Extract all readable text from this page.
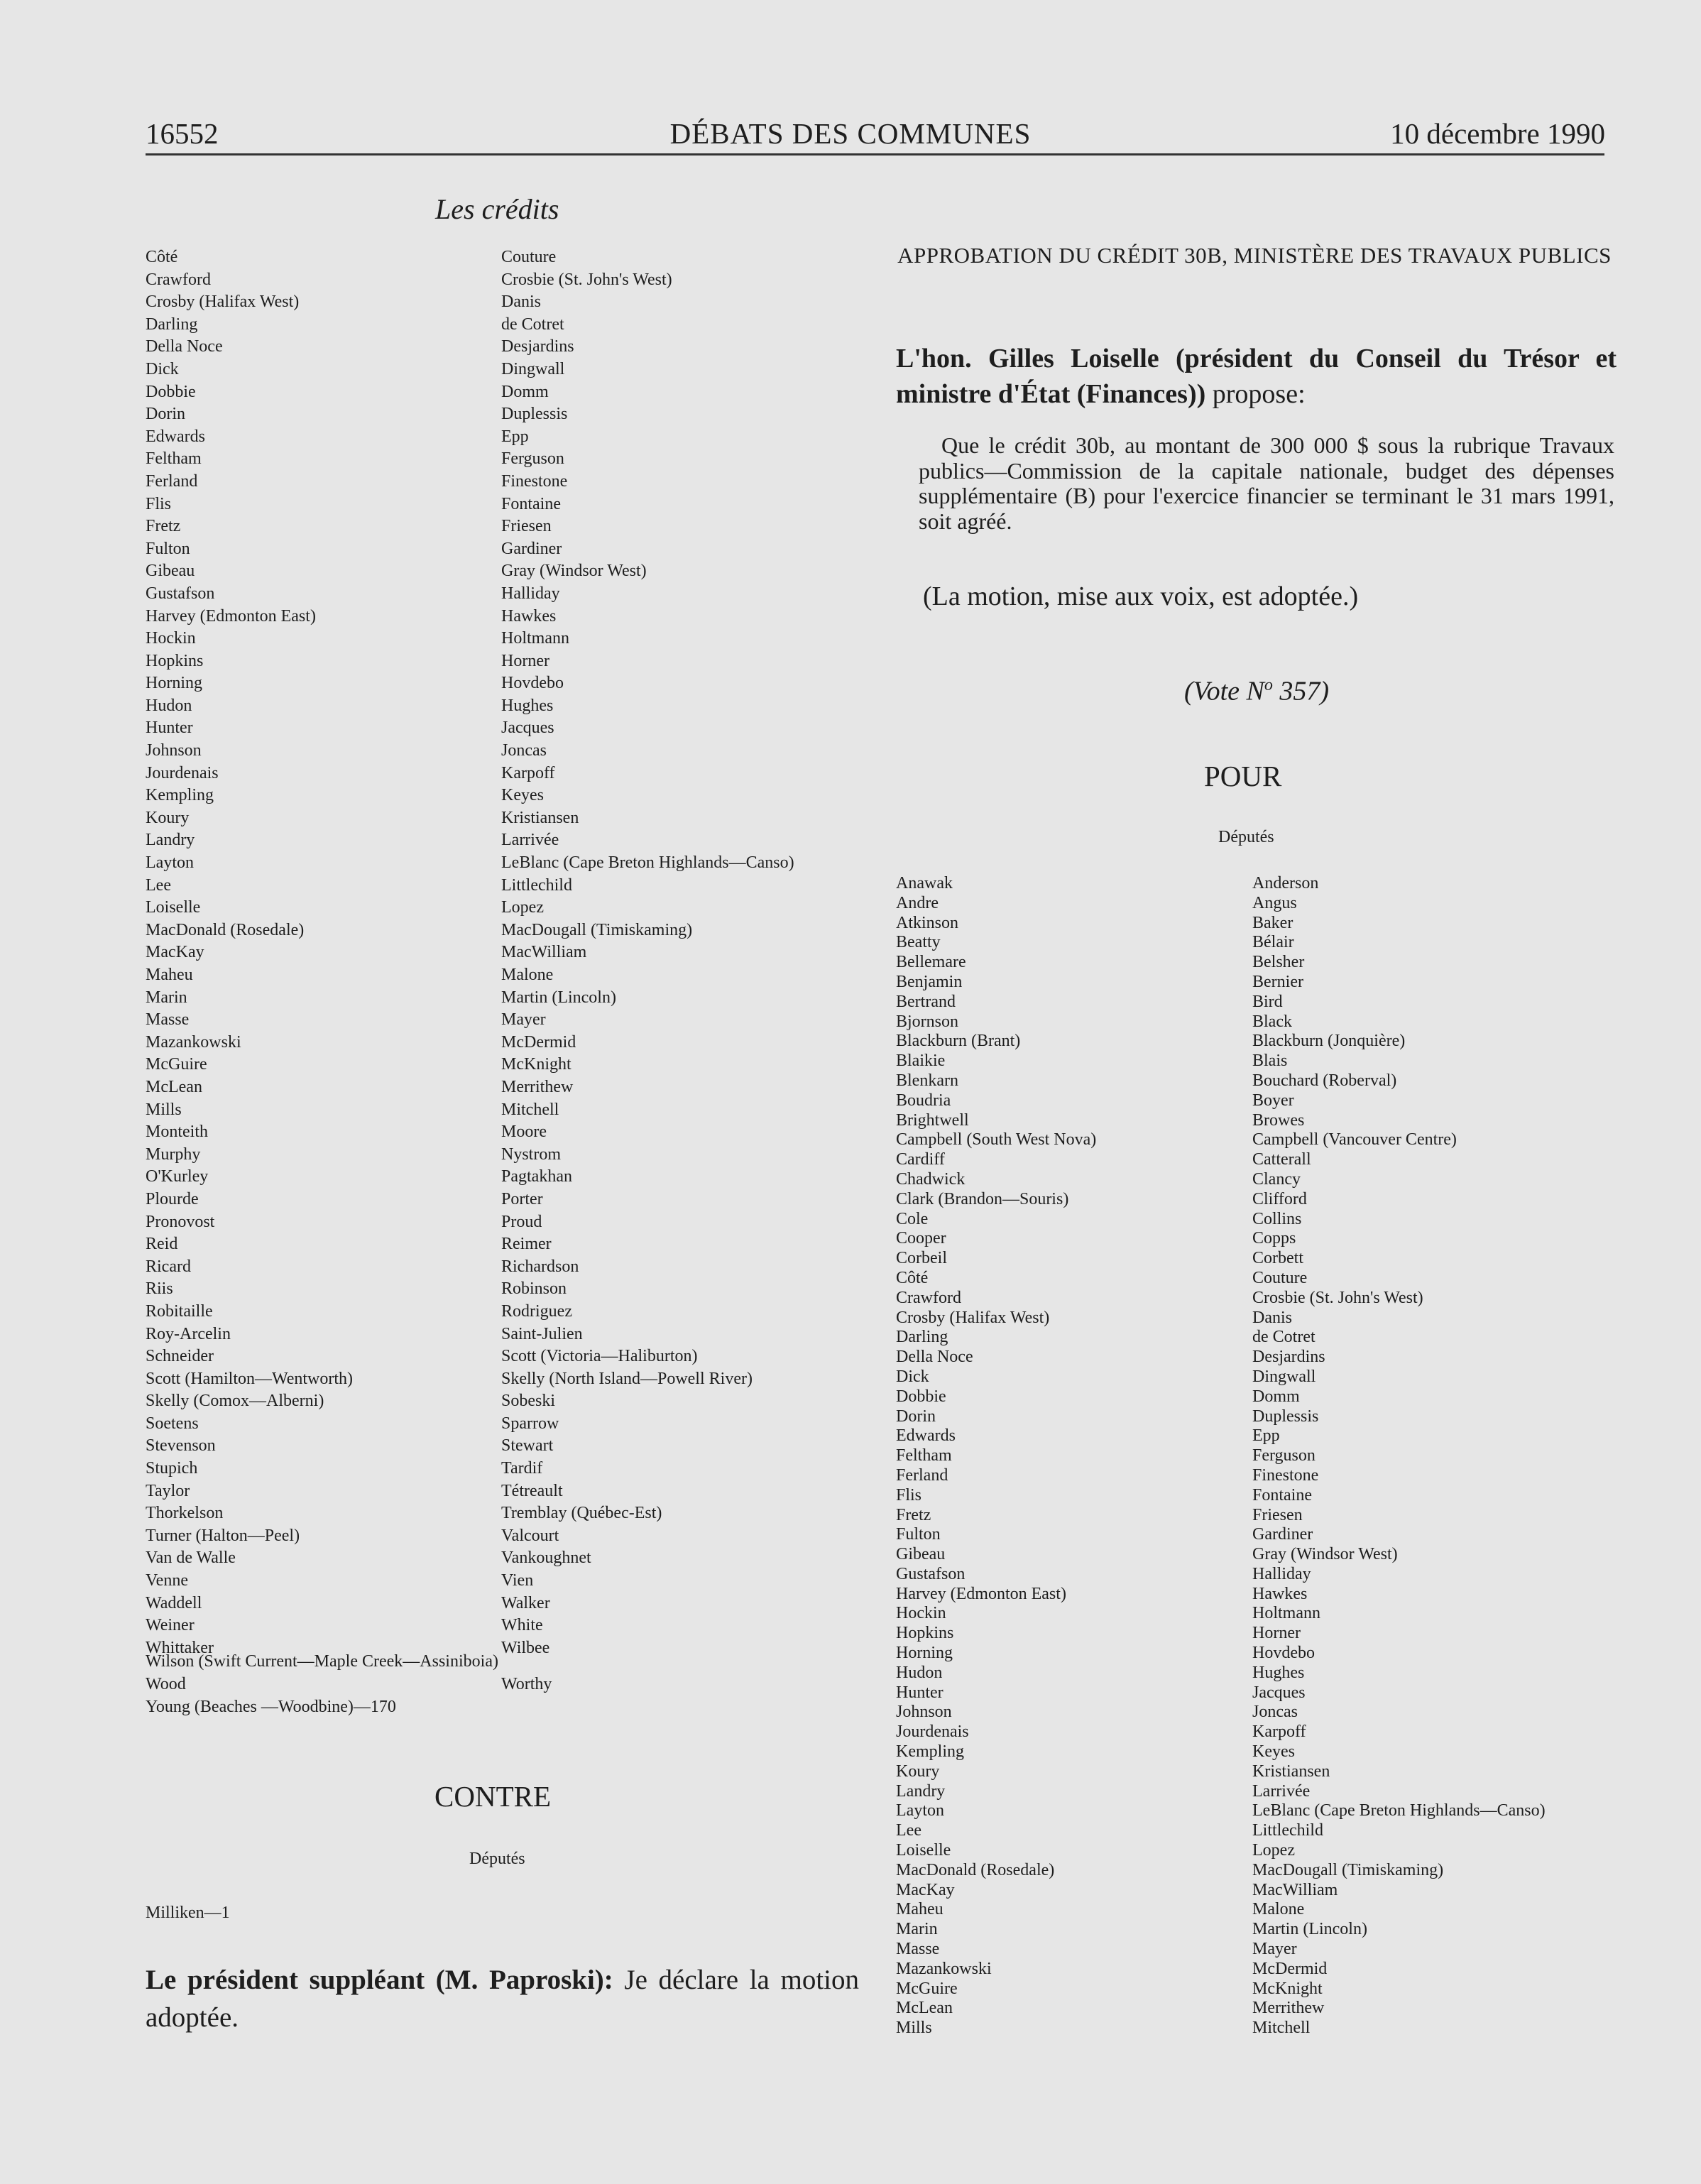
16552	DÉBATS DES COMMUNES	10 décembre 1990
Les crédits
Côté
Crawford
Crosby (Halifax West)
Darling
Della Noce
Dick
Dobbie
Dorin
Edwards
Feltham
Ferland
Flis
Fretz
Fulton
Gibeau
Gustafson
Harvey (Edmonton East)
Hockin
Hopkins
Horning
Hudon
Hunter
Johnson
Jourdenais
Kempling
Koury
Landry
Layton
Lee
Loiselle
MacDonald (Rosedale)
MacKay
Maheu
Marin
Masse
Mazankowski
McGuire
McLean
Mills
Monteith
Murphy
O'Kurley
Plourde
Pronovost
Reid
Ricard
Riis
Robitaille
Roy-Arcelin
Schneider
Scott (Hamilton—Wentworth)
Skelly (Comox—Alberni)
Soetens
Stevenson
Stupich
Taylor
Thorkelson
Turner (Halton—Peel)
Van de Walle
Venne
Waddell
Weiner
Whittaker
Couture
Crosbie (St. John's West)
Danis
de Cotret
Desjardins
Dingwall
Domm
Duplessis
Epp
Ferguson
Finestone
Fontaine
Friesen
Gardiner
Gray (Windsor West)
Halliday
Hawkes
Holtmann
Horner
Hovdebo
Hughes
Jacques
Joncas
Karpoff
Keyes
Kristiansen
Larrivée
LeBlanc (Cape Breton Highlands—Canso)
Littlechild
Lopez
MacDougall (Timiskaming)
MacWilliam
Malone
Martin (Lincoln)
Mayer
McDermid
McKnight
Merrithew
Mitchell
Moore
Nystrom
Pagtakhan
Porter
Proud
Reimer
Richardson
Robinson
Rodriguez
Saint-Julien
Scott (Victoria—Haliburton)
Skelly (North Island—Powell River)
Sobeski
Sparrow
Stewart
Tardif
Tétreault
Tremblay (Québec-Est)
Valcourt
Vankoughnet
Vien
Walker
White
Wilbee
Wilson (Swift Current—Maple Creek—Assiniboia)
Wood	Worthy
Young (Beaches —Woodbine)—170
CONTRE
Députés
Milliken—1

Le président suppléant (M. Paproski): Je déclare la motion adoptée.

APPROBATION DU CRÉDIT 30B, MINISTÈRE DES TRAVAUX PUBLICS

L'hon. Gilles Loiselle (président du Conseil du Trésor et ministre d'État (Finances)) propose:

Que le crédit 30b, au montant de 300 000 $ sous la rubrique Travaux publics—Commission de la capitale nationale, budget des dépenses supplémentaire (B) pour l'exercice financier se terminant le 31 mars 1991, soit agréé.

(La motion, mise aux voix, est adoptée.)
(Vote $N^o$ 357)
POUR
Députés
Anawak
Andre
Atkinson
Beatty
Bellemare
Benjamin
Bertrand
Bjornson
Blackburn (Brant)
Blaikie
Blenkarn
Boudria
Brightwell
Campbell (South West Nova)
Cardiff
Chadwick
Clark (Brandon—Souris)
Cole
Cooper
Corbeil
Côté
Crawford
Crosby (Halifax West)
Darling
Della Noce
Dick
Dobbie
Dorin
Edwards
Feltham
Ferland
Flis
Fretz
Fulton
Gibeau
Gustafson
Harvey (Edmonton East)
Hockin
Hopkins
Horning
Hudon
Hunter
Johnson
Jourdenais
Kempling
Koury
Landry
Layton
Lee
Loiselle
MacDonald (Rosedale)
MacKay
Maheu
Marin
Masse
Mazankowski
McGuire
McLean
Mills
Anderson
Angus
Baker
Bélair
Belsher
Bernier
Bird
Black
Blackburn (Jonquière)
Blais
Bouchard (Roberval)
Boyer
Browes
Campbell (Vancouver Centre)
Catterall
Clancy
Clifford
Collins
Copps
Corbett
Couture
Crosbie (St. John's West)
Danis
de Cotret
Desjardins
Dingwall
Domm
Duplessis
Epp
Ferguson
Finestone
Fontaine
Friesen
Gardiner
Gray (Windsor West)
Halliday
Hawkes
Holtmann
Horner
Hovdebo
Hughes
Jacques
Joncas
Karpoff
Keyes
Kristiansen
Larrivée
LeBlanc (Cape Breton Highlands—Canso)
Littlechild
Lopez
MacDougall (Timiskaming)
MacWilliam
Malone
Martin (Lincoln)
Mayer
McDermid
McKnight
Merrithew
Mitchell
